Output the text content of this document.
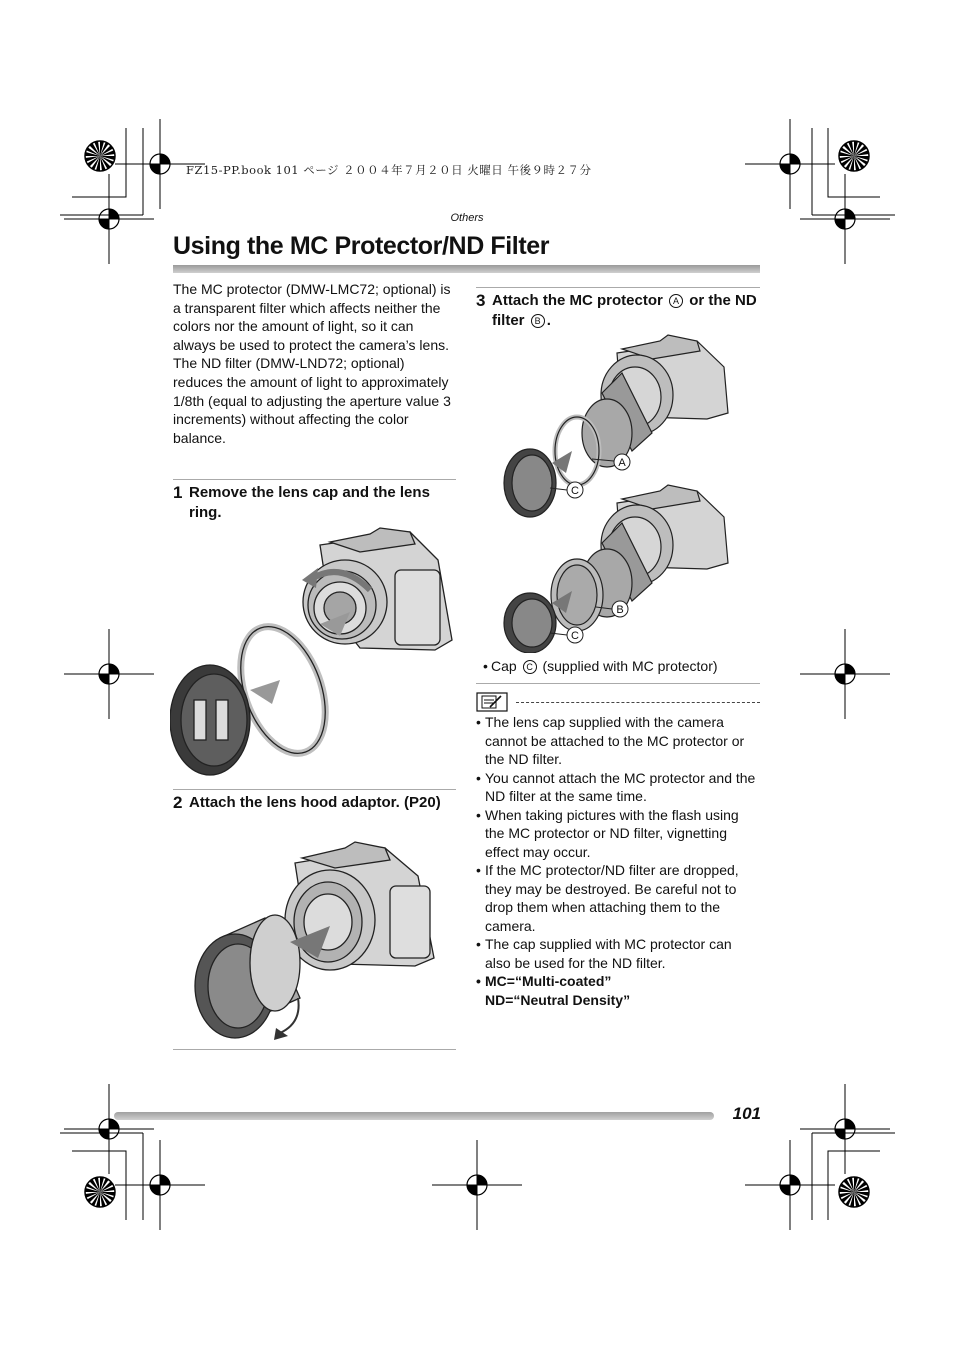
FZ15-PP.book 101 ページ ２００４年７月２０日 火曜日 午後９時２７分
Others
Using the MC Protector/ND Filter

The MC protector (DMW-LMC72; optional) is a transparent filter which affects neither the colors nor the amount of light, so it can always be used to protect the camera’s lens.

The ND filter (DMW-LND72; optional) reduces the amount of light to approximately 1/8th (equal to adjusting the aperture value 3 increments) without affecting the color balance.

1 Remove the lens cap and the lens ring.
2 Attach the lens hood adaptor. (P20)
3 Attach the MC protector A or the ND filter B .
A
C
B
C
• Cap C (supplied with MC protector)
• The lens cap supplied with the camera cannot be attached to the MC protector or the ND filter.
• You cannot attach the MC protector and the ND filter at the same time.
• When taking pictures with the flash using the MC protector or ND filter, vignetting effect may occur.
• If the MC protector/ND filter are dropped, they may be destroyed. Be careful not to drop them when attaching them to the camera.
• The cap supplied with MC protector can also be used for the ND filter.
• MC=“Multi-coated”
ND=“Neutral Density”
101
